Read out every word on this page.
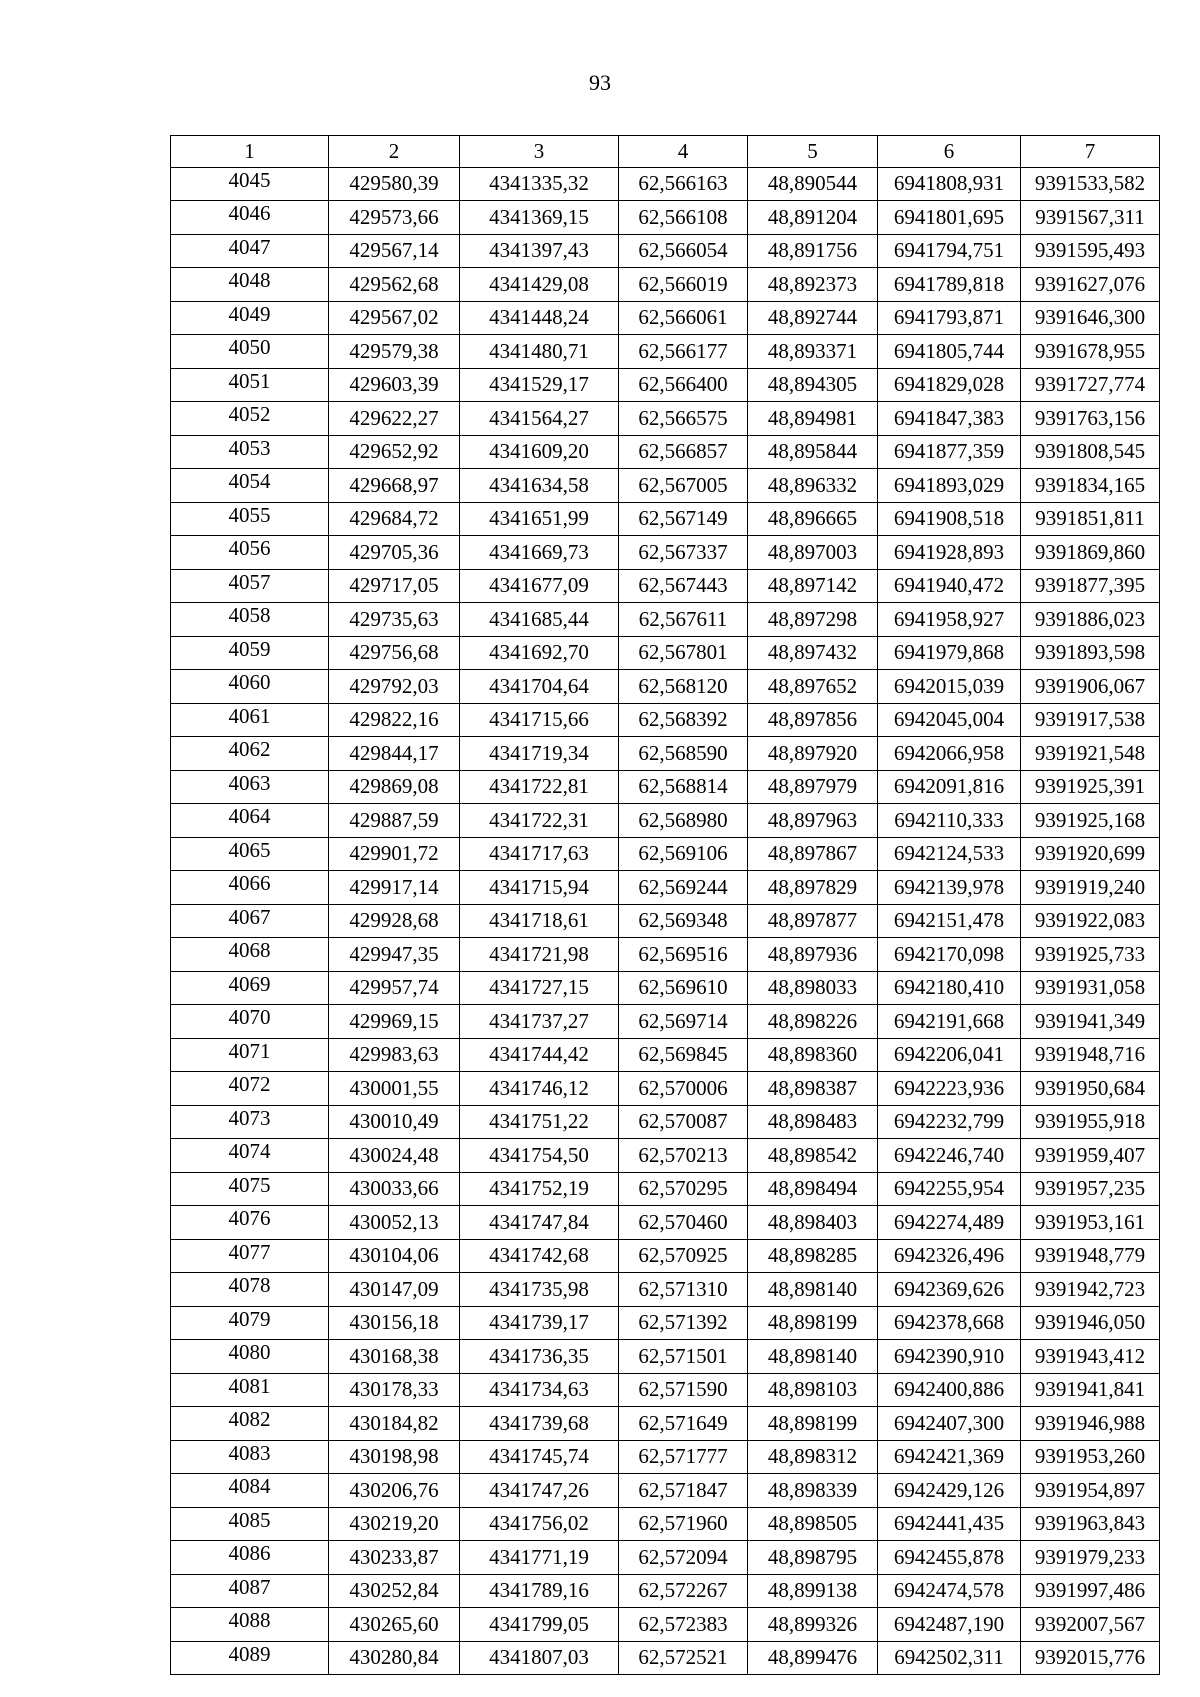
93
1	2	3	4	5	6	7
4045	429580,39	4341335,32	62,566163	48,890544	6941808,931	9391533,582
4046	429573,66	4341369,15	62,566108	48,891204	6941801,695	9391567,311
4047	429567,14	4341397,43	62,566054	48,891756	6941794,751	9391595,493
4048	429562,68	4341429,08	62,566019	48,892373	6941789,818	9391627,076
4049	429567,02	4341448,24	62,566061	48,892744	6941793,871	9391646,300
4050	429579,38	4341480,71	62,566177	48,893371	6941805,744	9391678,955
4051	429603,39	4341529,17	62,566400	48,894305	6941829,028	9391727,774
4052	429622,27	4341564,27	62,566575	48,894981	6941847,383	9391763,156
4053	429652,92	4341609,20	62,566857	48,895844	6941877,359	9391808,545
4054	429668,97	4341634,58	62,567005	48,896332	6941893,029	9391834,165
4055	429684,72	4341651,99	62,567149	48,896665	6941908,518	9391851,811
4056	429705,36	4341669,73	62,567337	48,897003	6941928,893	9391869,860
4057	429717,05	4341677,09	62,567443	48,897142	6941940,472	9391877,395
4058	429735,63	4341685,44	62,567611	48,897298	6941958,927	9391886,023
4059	429756,68	4341692,70	62,567801	48,897432	6941979,868	9391893,598
4060	429792,03	4341704,64	62,568120	48,897652	6942015,039	9391906,067
4061	429822,16	4341715,66	62,568392	48,897856	6942045,004	9391917,538
4062	429844,17	4341719,34	62,568590	48,897920	6942066,958	9391921,548
4063	429869,08	4341722,81	62,568814	48,897979	6942091,816	9391925,391
4064	429887,59	4341722,31	62,568980	48,897963	6942110,333	9391925,168
4065	429901,72	4341717,63	62,569106	48,897867	6942124,533	9391920,699
4066	429917,14	4341715,94	62,569244	48,897829	6942139,978	9391919,240
4067	429928,68	4341718,61	62,569348	48,897877	6942151,478	9391922,083
4068	429947,35	4341721,98	62,569516	48,897936	6942170,098	9391925,733
4069	429957,74	4341727,15	62,569610	48,898033	6942180,410	9391931,058
4070	429969,15	4341737,27	62,569714	48,898226	6942191,668	9391941,349
4071	429983,63	4341744,42	62,569845	48,898360	6942206,041	9391948,716
4072	430001,55	4341746,12	62,570006	48,898387	6942223,936	9391950,684
4073	430010,49	4341751,22	62,570087	48,898483	6942232,799	9391955,918
4074	430024,48	4341754,50	62,570213	48,898542	6942246,740	9391959,407
4075	430033,66	4341752,19	62,570295	48,898494	6942255,954	9391957,235
4076	430052,13	4341747,84	62,570460	48,898403	6942274,489	9391953,161
4077	430104,06	4341742,68	62,570925	48,898285	6942326,496	9391948,779
4078	430147,09	4341735,98	62,571310	48,898140	6942369,626	9391942,723
4079	430156,18	4341739,17	62,571392	48,898199	6942378,668	9391946,050
4080	430168,38	4341736,35	62,571501	48,898140	6942390,910	9391943,412
4081	430178,33	4341734,63	62,571590	48,898103	6942400,886	9391941,841
4082	430184,82	4341739,68	62,571649	48,898199	6942407,300	9391946,988
4083	430198,98	4341745,74	62,571777	48,898312	6942421,369	9391953,260
4084	430206,76	4341747,26	62,571847	48,898339	6942429,126	9391954,897
4085	430219,20	4341756,02	62,571960	48,898505	6942441,435	9391963,843
4086	430233,87	4341771,19	62,572094	48,898795	6942455,878	9391979,233
4087	430252,84	4341789,16	62,572267	48,899138	6942474,578	9391997,486
4088	430265,60	4341799,05	62,572383	48,899326	6942487,190	9392007,567
4089	430280,84	4341807,03	62,572521	48,899476	6942502,311	9392015,776
